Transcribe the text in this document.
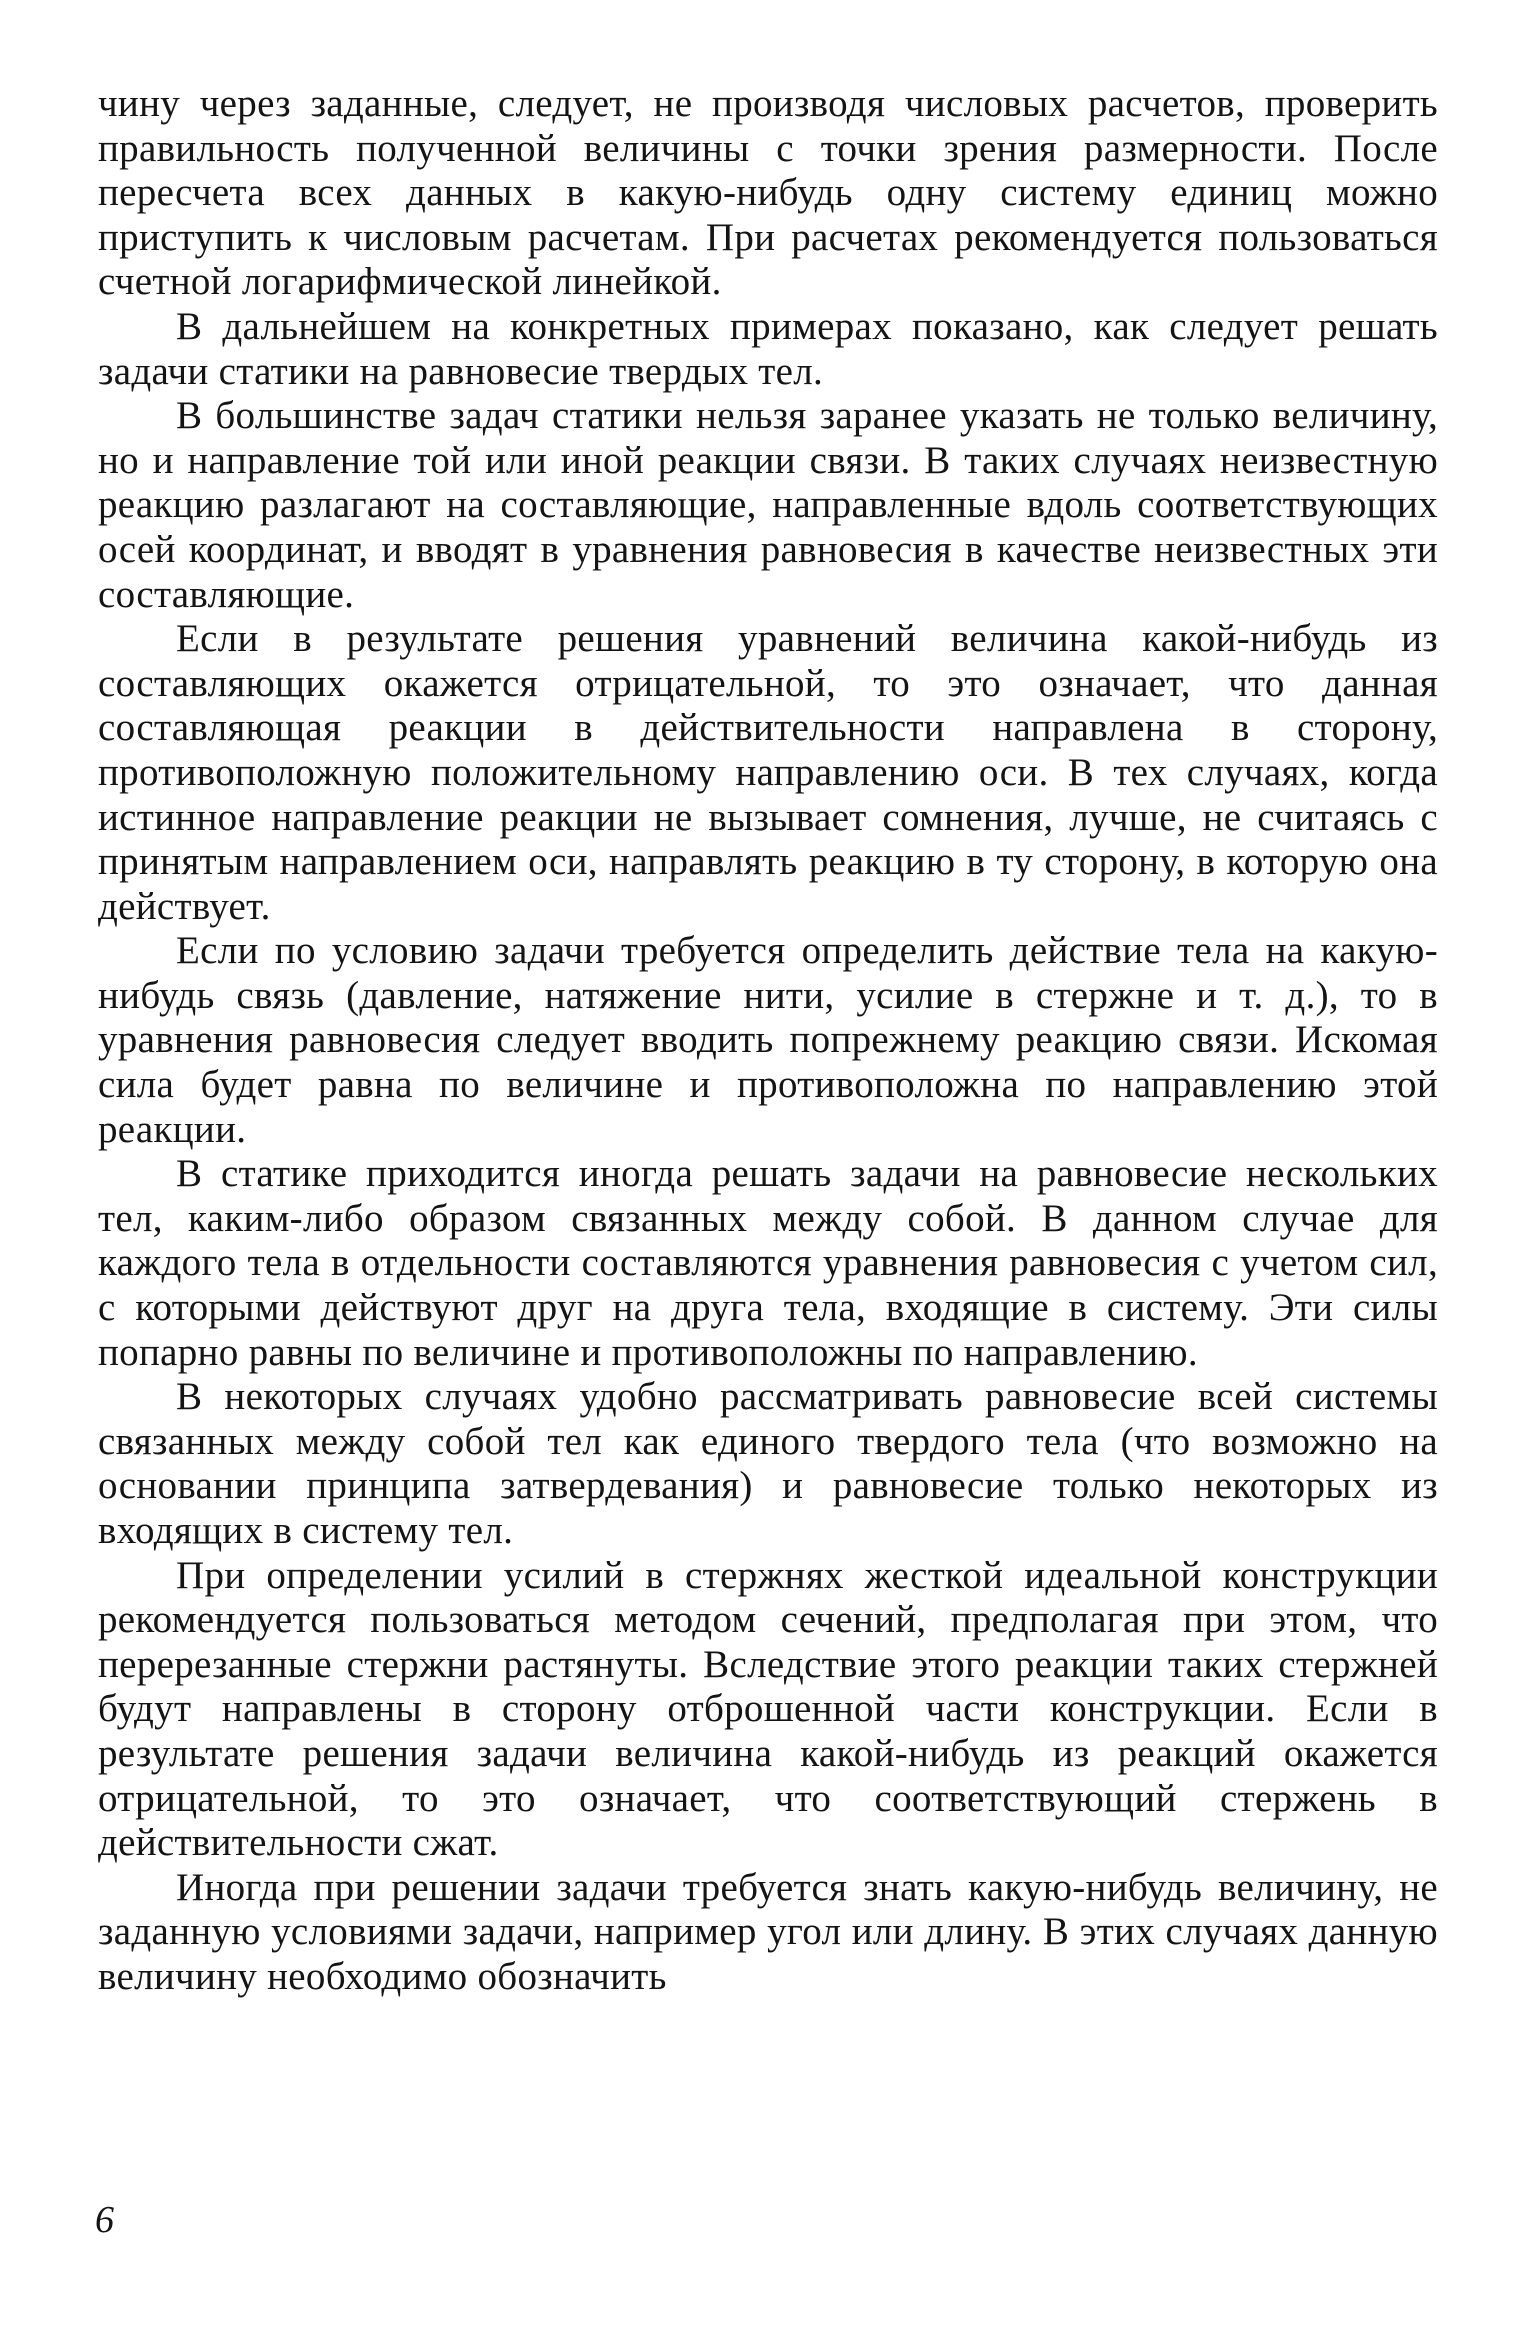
чину через заданные, следует, не производя числовых расчетов, проверить правильность полученной величины с точки зрения размерности. После пересчета всех данных в какую-нибудь одну систему единиц можно приступить к числовым расчетам. При расчетах рекомендуется пользоваться счетной логарифмической линейкой.

В дальнейшем на конкретных примерах показано, как следует решать задачи статики на равновесие твердых тел.

В большинстве задач статики нельзя заранее указать не только величину, но и направление той или иной реакции связи. В таких случаях неизвестную реакцию разлагают на составляющие, направленные вдоль соответствующих осей координат, и вводят в уравнения равновесия в качестве неизвестных эти составляющие.

Если в результате решения уравнений величина какой-нибудь из составляющих окажется отрицательной, то это означает, что данная составляющая реакции в действительности направлена в сторону, противоположную положительному направлению оси. В тех случаях, когда истинное направление реакции не вызывает сомнения, лучше, не считаясь с принятым направлением оси, направлять реакцию в ту сторону, в которую она действует.

Если по условию задачи требуется определить действие тела на какую-нибудь связь (давление, натяжение нити, усилие в стержне и т. д.), то в уравнения равновесия следует вводить попрежнему реакцию связи. Искомая сила будет равна по величине и противоположна по направлению этой реакции.

В статике приходится иногда решать задачи на равновесие нескольких тел, каким-либо образом связанных между собой. В данном случае для каждого тела в отдельности составляются уравнения равновесия с учетом сил, с которыми действуют друг на друга тела, входящие в систему. Эти силы попарно равны по величине и противоположны по направлению.

В некоторых случаях удобно рассматривать равновесие всей системы связанных между собой тел как единого твердого тела (что возможно на основании принципа затвердевания) и равновесие только некоторых из входящих в систему тел.

При определении усилий в стержнях жесткой идеальной конструкции рекомендуется пользоваться методом сечений, предполагая при этом, что перерезанные стержни растянуты. Вследствие этого реакции таких стержней будут направлены в сторону отброшенной части конструкции. Если в результате решения задачи величина какой-нибудь из реакций окажется отрицательной, то это означает, что соответствующий стержень в действительности сжат.

Иногда при решении задачи требуется знать какую-нибудь величину, не заданную условиями задачи, например угол или длину. В этих случаях данную величину необходимо обозначить

6
